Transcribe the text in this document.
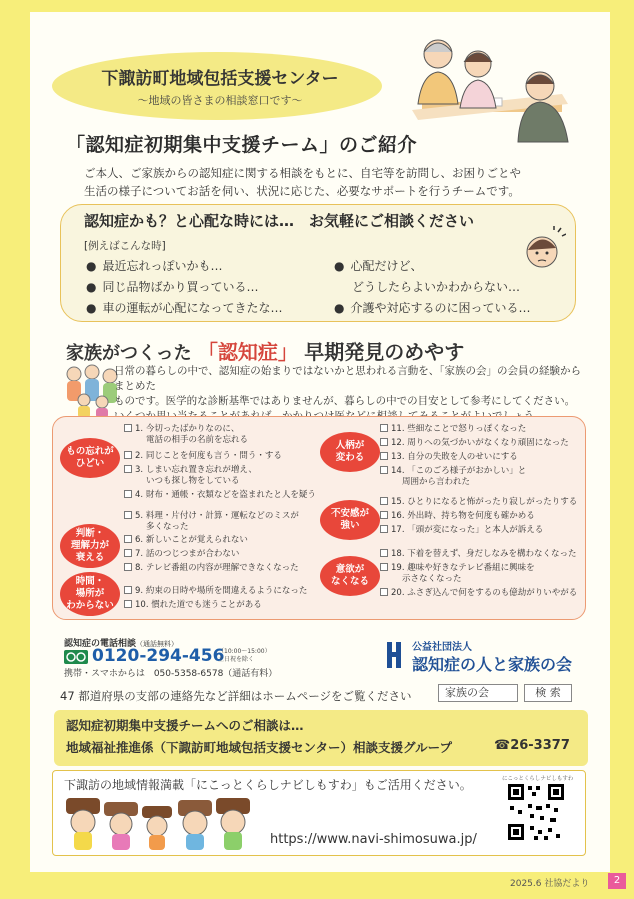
下諏訪町地域包括支援センター
〜地域の皆さまの相談窓口です〜
「認知症初期集中支援チーム」のご紹介
ご本人、ご家族からの認知症に関する相談をもとに、自宅等を訪問し、お困りごとや
生活の様子についてお話を伺い、状況に応じた、必要なサポートを行うチームです。
認知症かも？と心配な時には…　お気軽にご相談ください
[例えばこんな時]
● 最近忘れっぽいかも…
● 同じ品物ばかり買っている…
● 車の運転が心配になってきたな…
● 心配だけど、
どうしたらよいかわからない…
● 介護や対応するのに困っている…
家族がつくった 「認知症」 早期発見のめやす
日常の暮らしの中で、認知症の始まりではないかと思われる言動を、「家族の会」の会員の経験からまとめた
ものです。医学的な診断基準ではありませんが、暮らしの中での目安として参考にしてください。
もの忘れが
ひどい
判断・
理解力が
衰える
時間・
場所が
わからない
人柄が
変わる
不安感が
強い
意欲が
なくなる
1. 今切ったばかりなのに、
電話の相手の名前を忘れる
2. 同じことを何度も言う・問う・する
3. しまい忘れ置き忘れが増え、
いつも探し物をしている
4. 財布・通帳・衣類などを盗まれたと人を疑う
5. 料理・片付け・計算・運転などのミスが
多くなった
6. 新しいことが覚えられない
7. 話のつじつまが合わない
8. テレビ番組の内容が理解できなくなった
9. 約束の日時や場所を間違えるようになった
10. 慣れた道でも迷うことがある
11. 些細なことで怒りっぽくなった
12. 周りへの気づかいがなくなり頑固になった
13. 自分の失敗を人のせいにする
14. 「このごろ様子がおかしい」と
周囲から言われた
15. ひとりになると怖がったり寂しがったりする
16. 外出時、持ち物を何度も確かめる
17. 「頭が変になった」と本人が訴える
18. 下着を替えず、身だしなみを構わなくなった
19. 趣味や好きなテレビ番組に興味を
示さなくなった
20. ふさぎ込んで何をするのも億劫がりいやがる
認知症の電話相談（通話無料）
0120-294-456
（10:00〜15:00）
土日祝を除く
携帯・スマホからは　050-5358-6578（通話有料）
公益社団法人
認知症の人と家族の会
47 都道府県の支部の連絡先など詳細はホームページをご覧ください	家族の会	検 索
認知症初期集中支援チームへのご相談は…
地域福祉推進係（下諏訪町地域包括支援センター）相談支援グループ	☎26-3377
下諏訪の地域情報満載「にこっとくらしナビしもすわ」もご活用ください。
https://www.navi-shimosuwa.jp/
にこっとくらしナビしもすわ
2025.6 社協だより	2
